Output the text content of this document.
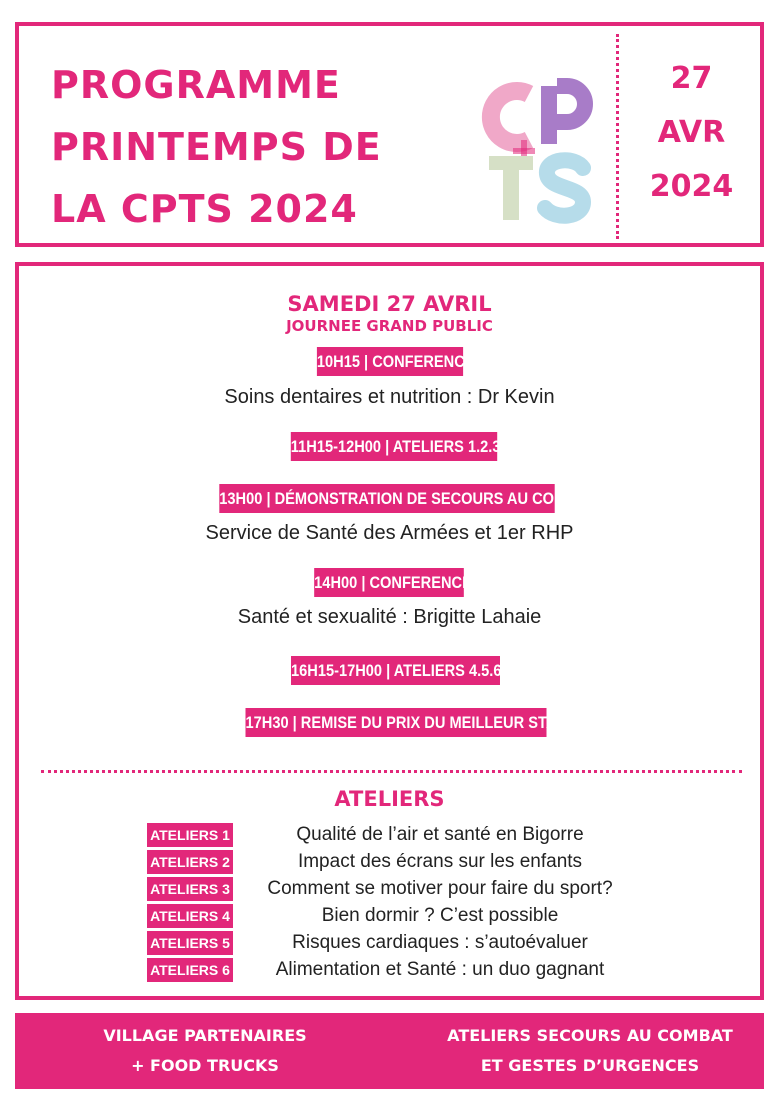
PROGRAMME
PRINTEMPS DE
LA CPTS 2024
CPTS
27
AVR
2024
SAMEDI 27 AVRIL
JOURNEE GRAND PUBLIC
10H15 | CONFERENCE
Soins dentaires et nutrition : Dr Kevin
11H15-12H00 | ATELIERS 1.2.3
13H00 | DÉMONSTRATION DE SECOURS AU COMBAT
Service de Santé des Armées et 1er RHP
14H00 | CONFERENCE
Santé et sexualité : Brigitte Lahaie
16H15-17H00 | ATELIERS 4.5.6
17H30 | REMISE DU PRIX DU MEILLEUR STAND
ATELIERS
ATELIERS 1	Qualité de l’air et santé en Bigorre
ATELIERS 2	Impact des écrans sur les enfants
ATELIERS 3	Comment se motiver pour faire du sport?
ATELIERS 4	Bien dormir ? C’est possible
ATELIERS 5	Risques cardiaques : s’autoévaluer
ATELIERS 6	Alimentation et Santé : un duo gagnant
VILLAGE PARTENAIRES
+ FOOD TRUCKS
ATELIERS SECOURS AU COMBAT
ET GESTES D’URGENCES
